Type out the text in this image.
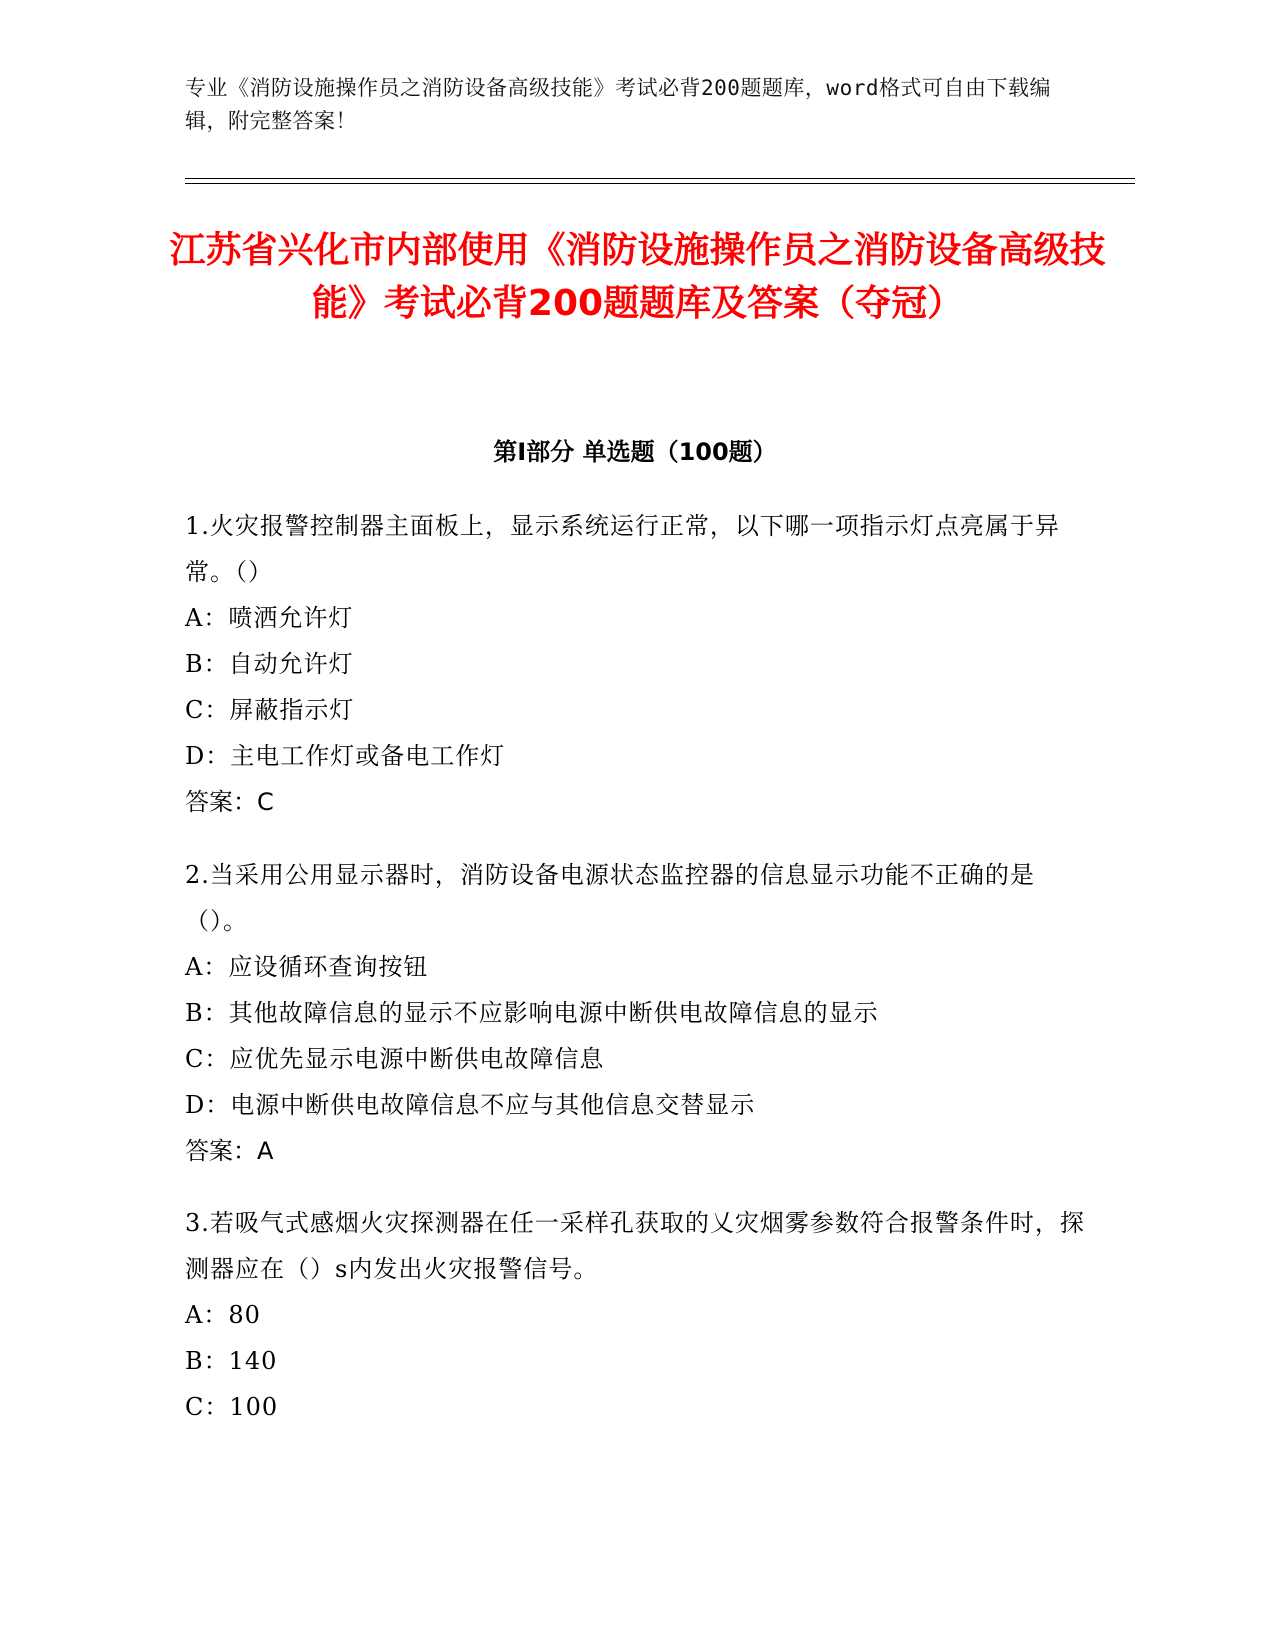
专业《消防设施操作员之消防设备高级技能》考试必背200题题库，word格式可自由下载编辑，附完整答案！
江苏省兴化市内部使用《消防设施操作员之消防设备高级技能》考试必背200题题库及答案（夺冠）
第I部分 单选题（100题）

1.火灾报警控制器主面板上，显示系统运行正常，以下哪一项指示灯点亮属于异常。（）

A：喷洒允许灯

B：自动允许灯

C：屏蔽指示灯

D：主电工作灯或备电工作灯

答案：C

2.当采用公用显示器时，消防设备电源状态监控器的信息显示功能不正确的是（）。

A：应设循环查询按钮

B：其他故障信息的显示不应影响电源中断供电故障信息的显示

C：应优先显示电源中断供电故障信息

D：电源中断供电故障信息不应与其他信息交替显示

答案：A

3.若吸气式感烟火灾探测器在任一采样孔获取的乂灾烟雾参数符合报警条件时，探测器应在（）s内发出火灾报警信号。

A：80

B：140

C：100
